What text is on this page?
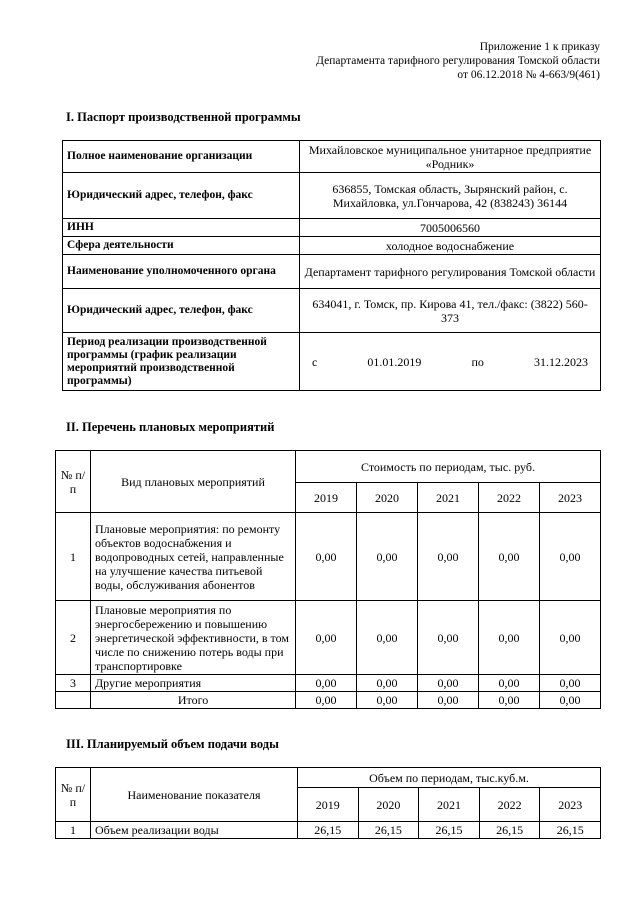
Приложение 1 к приказу
Департамента тарифного регулирования Томской области
от 06.12.2018 № 4-663/9(461)
I. Паспорт производственной программы
Полное наименование организации	Михайловское муниципальное унитарное предприятие «Родник»
Юридический адрес, телефон, факс	636855, Томская область, Зырянский район, с. Михайловка, ул.Гончарова, 42 (838243) 36144
ИНН	7005006560
Сфера деятельности	холодное водоснабжение
Наименование уполномоченного органа	Департамент тарифного регулирования Томской области
Юридический адрес, телефон, факс	634041, г. Томск, пр. Кирова 41, тел./факс: (3822) 560-373
Период реализации производственной программы (график реализации мероприятий производственной программы)	с 01.01.2019 по 31.12.2023
II. Перечень плановых мероприятий
№ п/п	Вид плановых мероприятий	Стоимость по периодам, тыс. руб.				
		2019	2020	2021	2022	2023
1	Плановые мероприятия: по ремонту объектов водоснабжения и водопроводных сетей, направленные на улучшение качества питьевой воды, обслуживания абонентов	0,00	0,00	0,00	0,00	0,00
2	Плановые мероприятия по энергосбережению и повышению энергетической эффективности, в том числе по снижению потерь воды при транспортировке	0,00	0,00	0,00	0,00	0,00
3	Другие мероприятия	0,00	0,00	0,00	0,00	0,00
	Итого	0,00	0,00	0,00	0,00	0,00
III. Планируемый объем подачи воды
№ п/п	Наименование показателя	Объем по периодам, тыс.куб.м.				
		2019	2020	2021	2022	2023
1	Объем реализации воды	26,15	26,15	26,15	26,15	26,15
